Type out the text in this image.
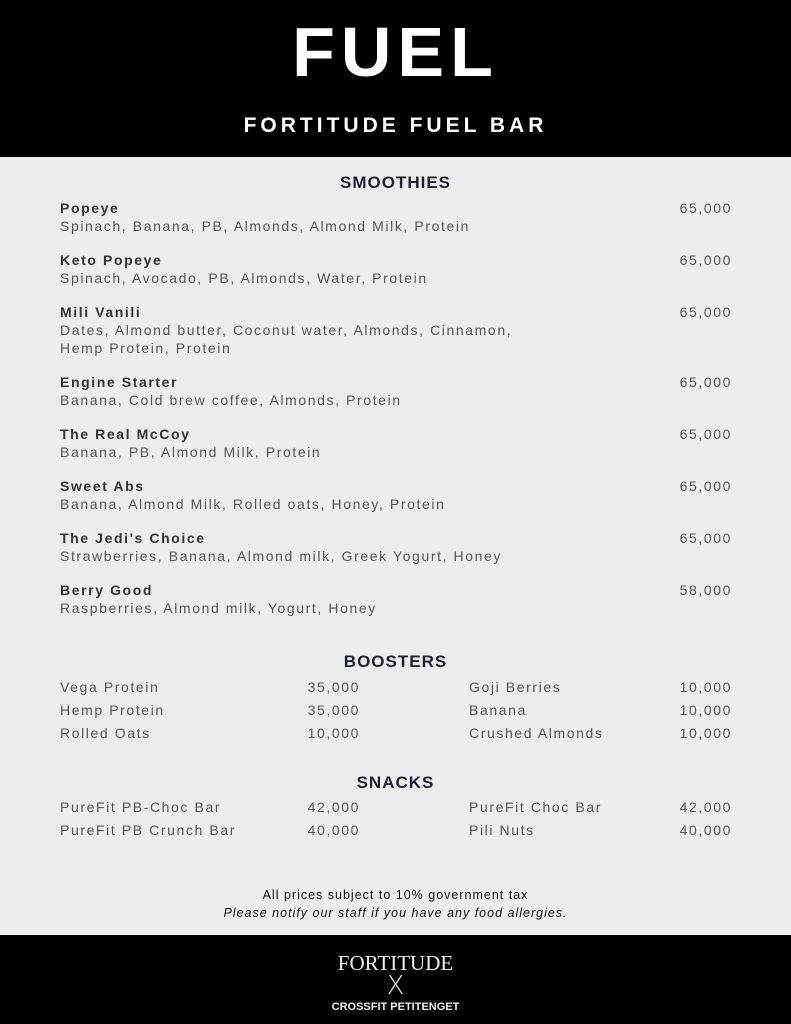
FUEL
FORTITUDE FUEL BAR
SMOOTHIES
Popeye
Spinach, Banana, PB, Almonds, Almond Milk, Protein
65,000
Keto Popeye
Spinach, Avocado, PB, Almonds, Water, Protein
65,000
Mili Vanili
Dates, Almond butter, Coconut water, Almonds, Cinnamon, Hemp Protein, Protein
65,000
Engine Starter
Banana, Cold brew coffee, Almonds, Protein
65,000
The Real McCoy
Banana, PB, Almond Milk, Protein
65,000
Sweet Abs
Banana, Almond Milk, Rolled oats, Honey, Protein
65,000
The Jedi's Choice
Strawberries, Banana, Almond milk, Greek Yogurt, Honey
65,000
Berry Good
Raspberries, Almond milk, Yogurt, Honey
58,000
BOOSTERS
Vega Protein	35,000	Goji Berries	10,000
Hemp Protein	35,000	Banana	10,000
Rolled Oats	10,000	Crushed Almonds	10,000
SNACKS
PureFit PB-Choc Bar	42,000	PureFit Choc Bar	42,000
PureFit PB Crunch Bar	40,000	Pili Nuts	40,000
All prices subject to 10% government tax
Please notify our staff if you have any food allergies.
FORTITUDE
X
CROSSFIT PETITENGET
